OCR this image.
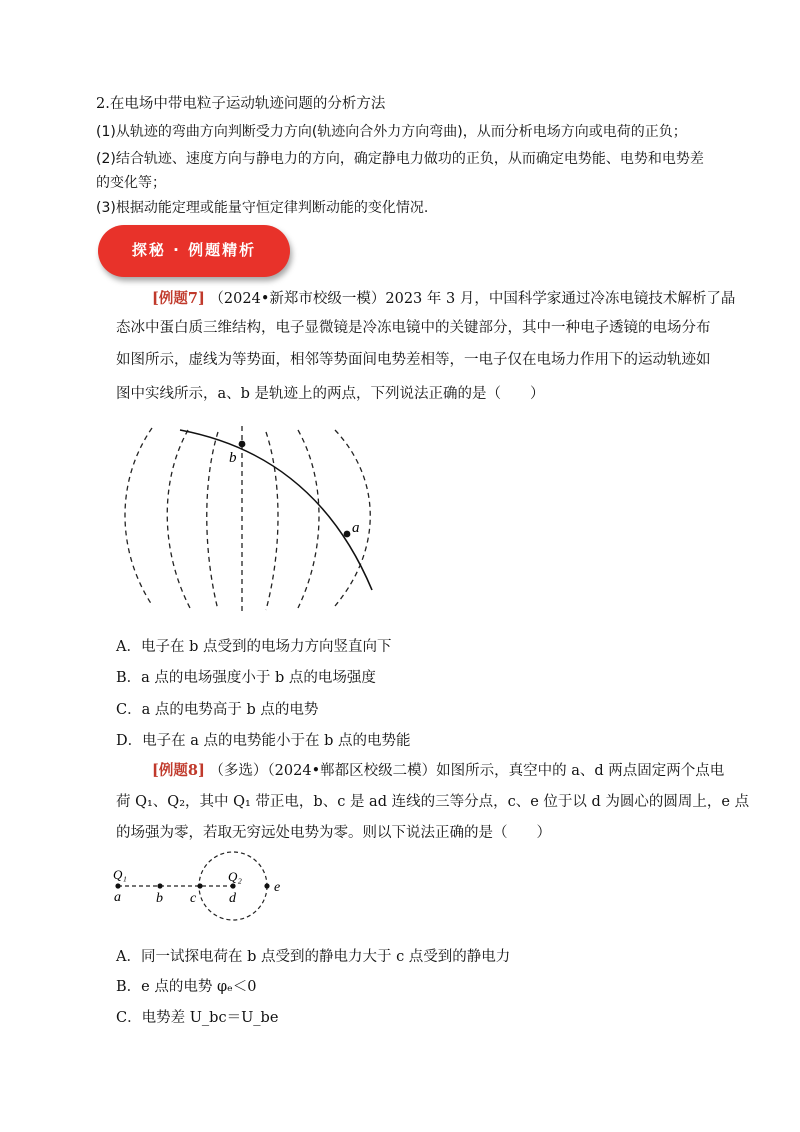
2.在电场中带电粒子运动轨迹问题的分析方法
(1)从轨迹的弯曲方向判断受力方向(轨迹向合外力方向弯曲)，从而分析电场方向或电荷的正负；
(2)结合轨迹、速度方向与静电力的方向，确定静电力做功的正负，从而确定电势能、电势和电势差
的变化等；
(3)根据动能定理或能量守恒定律判断动能的变化情况.
探秘 · 例题精析
[例题7] （2024•新郑市校级一模）2023 年 3 月，中国科学家通过冷冻电镜技术解析了晶
态冰中蛋白质三维结构，电子显微镜是冷冻电镜中的关键部分，其中一种电子透镜的电场分布
如图所示，虚线为等势面，相邻等势面间电势差相等，一电子仅在电场力作用下的运动轨迹如
图中实线所示，a、b 是轨迹上的两点，下列说法正确的是（　　）
b
a
A．电子在 b 点受到的电场力方向竖直向下
B．a 点的电场强度小于 b 点的电场强度
C．a 点的电势高于 b 点的电势
D．电子在 a 点的电势能小于在 b 点的电势能
[例题8] （多选）（2024•郸都区校级二模）如图所示，真空中的 a、d 两点固定两个点电
荷 Q₁、Q₂，其中 Q₁ 带正电，b、c 是 ad 连线的三等分点，c、e 位于以 d 为圆心的圆周上，e 点
的场强为零，若取无穷远处电势为零。则以下说法正确的是（　　）
Q₁	Q₂
a	b c d
e
A．同一试探电荷在 b 点受到的静电力大于 c 点受到的静电力
B．e 点的电势 φₑ＜0
C．电势差 U_bc＝U_be
